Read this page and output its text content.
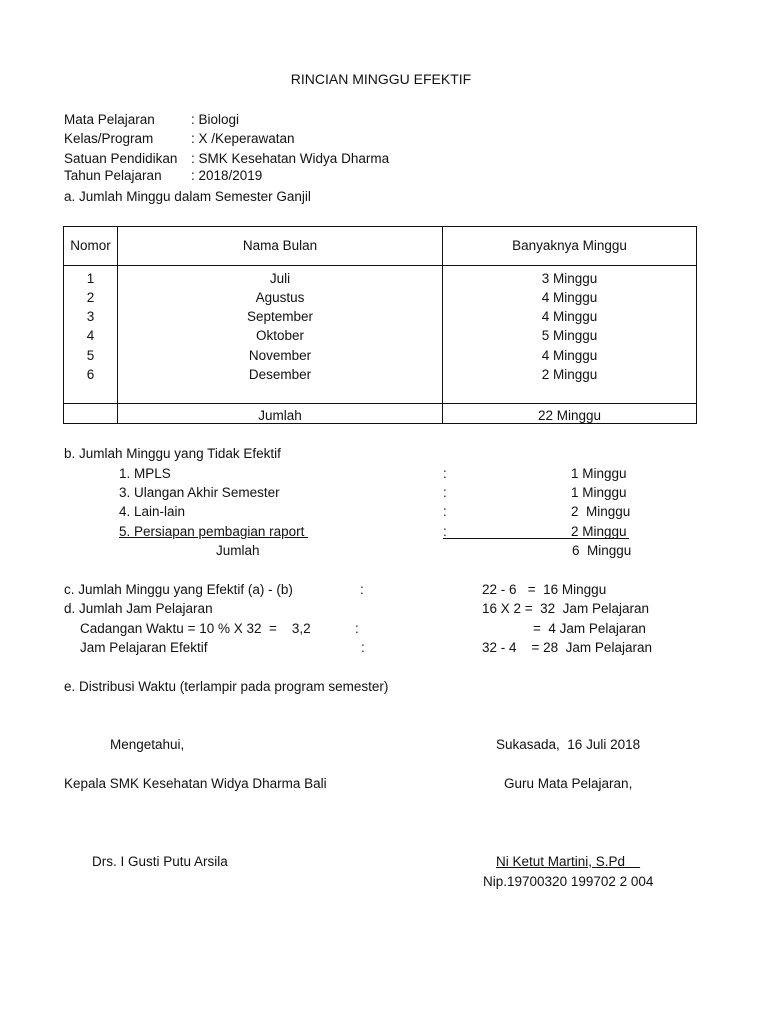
RINCIAN MINGGU EFEKTIF
Mata Pelajaran	: Biologi
Kelas/Program	: X /Keperawatan
Satuan Pendidikan : SMK Kesehatan Widya Dharma
Tahun Pelajaran : 2018/2019
a. Jumlah Minggu dalam Semester Ganjil
Nomor	Nama Bulan	Banyaknya Minggu
1	Juli	3 Minggu
2	Agustus	4 Minggu
3	September	4 Minggu
4	Oktober	5 Minggu
5	November	4 Minggu
6	Desember	2 Minggu
Jumlah	22 Minggu
b. Jumlah Minggu yang Tidak Efektif
1. MPLS	:	1 Minggu
3. Ulangan Akhir Semester	:	1 Minggu
4. Lain-lain	:	2  Minggu
5. Persiapan pembagian raport	:	2 Minggu
Jumlah	6  Minggu
c. Jumlah Minggu yang Efektif (a) - (b)	:	22 - 6   =  16 Minggu
d. Jumlah Jam Pelajaran	16 X 2 =  32  Jam Pelajaran
Cadangan Waktu = 10 % X 32  =    3,2	:	=  4 Jam Pelajaran
Jam Pelajaran Efektif	:	32 - 4    = 28  Jam Pelajaran
e. Distribusi Waktu (terlampir pada program semester)
Mengetahui,	Sukasada,  16 Juli 2018
Kepala SMK Kesehatan Widya Dharma Bali	Guru Mata Pelajaran,
Drs. I Gusti Putu Arsila	Ni Ketut Martini, S.Pd
Nip.19700320 199702 2 004
